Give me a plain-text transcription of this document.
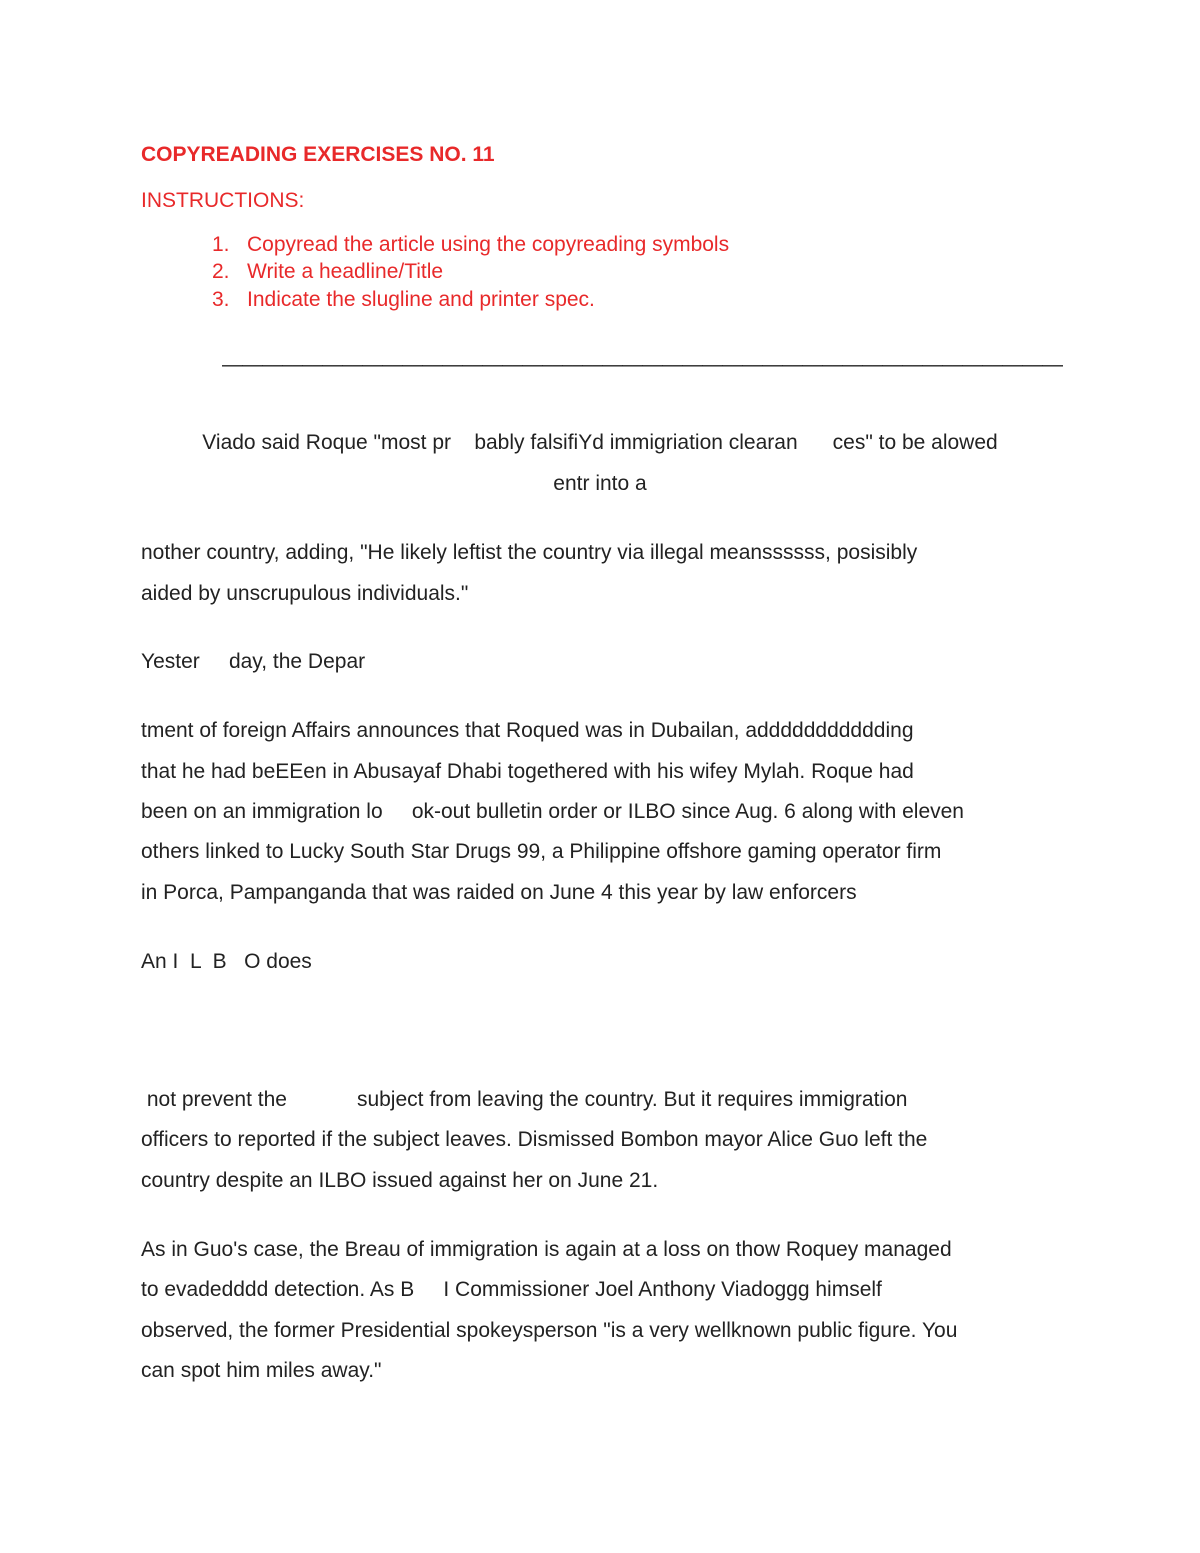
COPYREADING EXERCISES NO. 11
INSTRUCTIONS:
1. Copyread the article using the copyreading symbols
2. Write a headline/Title
3. Indicate the slugline and printer spec.
——————————————————————————————————————————
Viado said Roque "most pr    bably falsifiYd immigriation clearan      ces" to be alowed
entr into a
nother country, adding, "He likely leftist the country via illegal meanssssss, posisibly
aided by unscrupulous individuals."
Yester     day, the Depar
tment of foreign Affairs announces that Roqued was in Dubailan, addddddddddding
that he had beEEen in Abusayaf Dhabi togethered with his wifey Mylah. Roque had
been on an immigration lo     ok-out bulletin order or ILBO since Aug. 6 along with eleven
others linked to Lucky South Star Drugs 99, a Philippine offshore gaming operator firm
in Porca, Pampanganda that was raided on June 4 this year by law enforcers
An I  L  B   O does
not prevent the            subject from leaving the country. But it requires immigration
officers to reported if the subject leaves. Dismissed Bombon mayor Alice Guo left the
country despite an ILBO issued against her on June 21.
As in Guo's case, the Breau of immigration is again at a loss on thow Roquey managed
to evadedddd detection. As B     I Commissioner Joel Anthony Viadoggg himself
observed, the former Presidential spokeysperson "is a very wellknown public figure. You
can spot him miles away."
